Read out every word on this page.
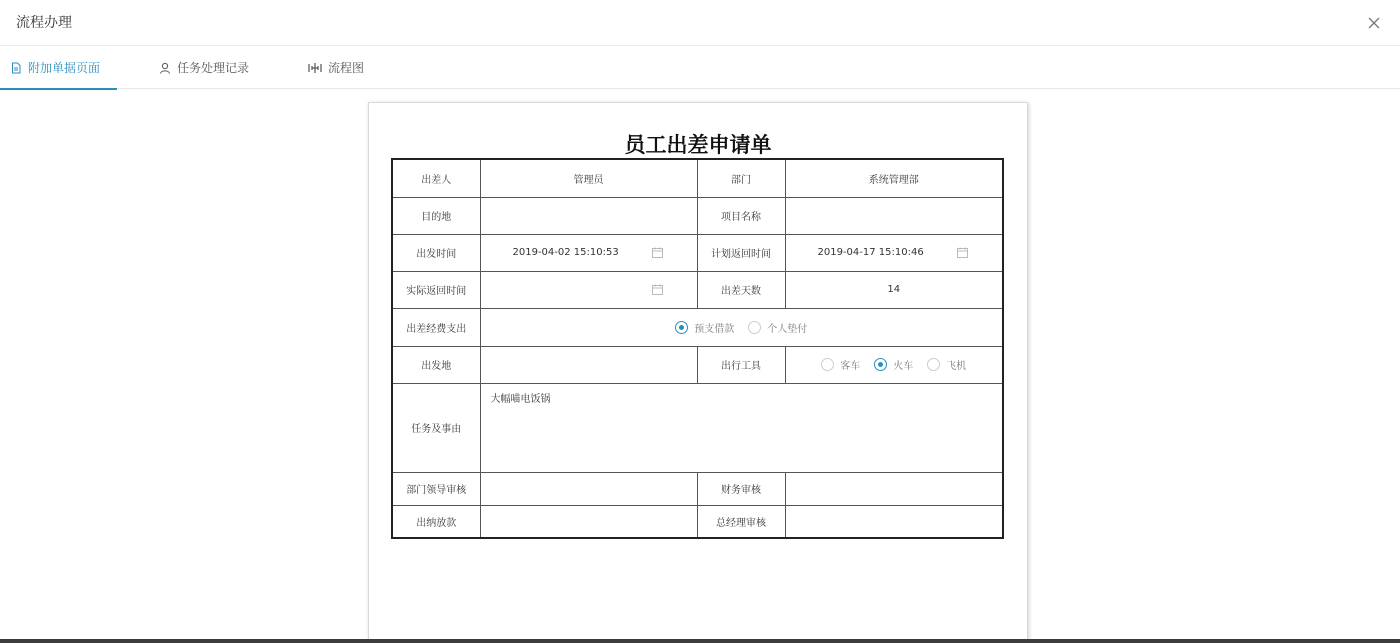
流程办理
附加单据页面	任务处理记录	流程图
员工出差申请单
出差人	管理员	部门	系统管理部
目的地		项目名称	
出发时间	2019-04-02 15:10:53	计划返回时间	2019-04-17 15:10:46

实际返回时间		出差天数	14
出差经费支出	预支借款 个人垫付		

出发地		出行工具	客车 火车 飞机

任务及事由	大幅喵电饭锅		
部门领导审核		财务审核	
出纳放款		总经理审核	
